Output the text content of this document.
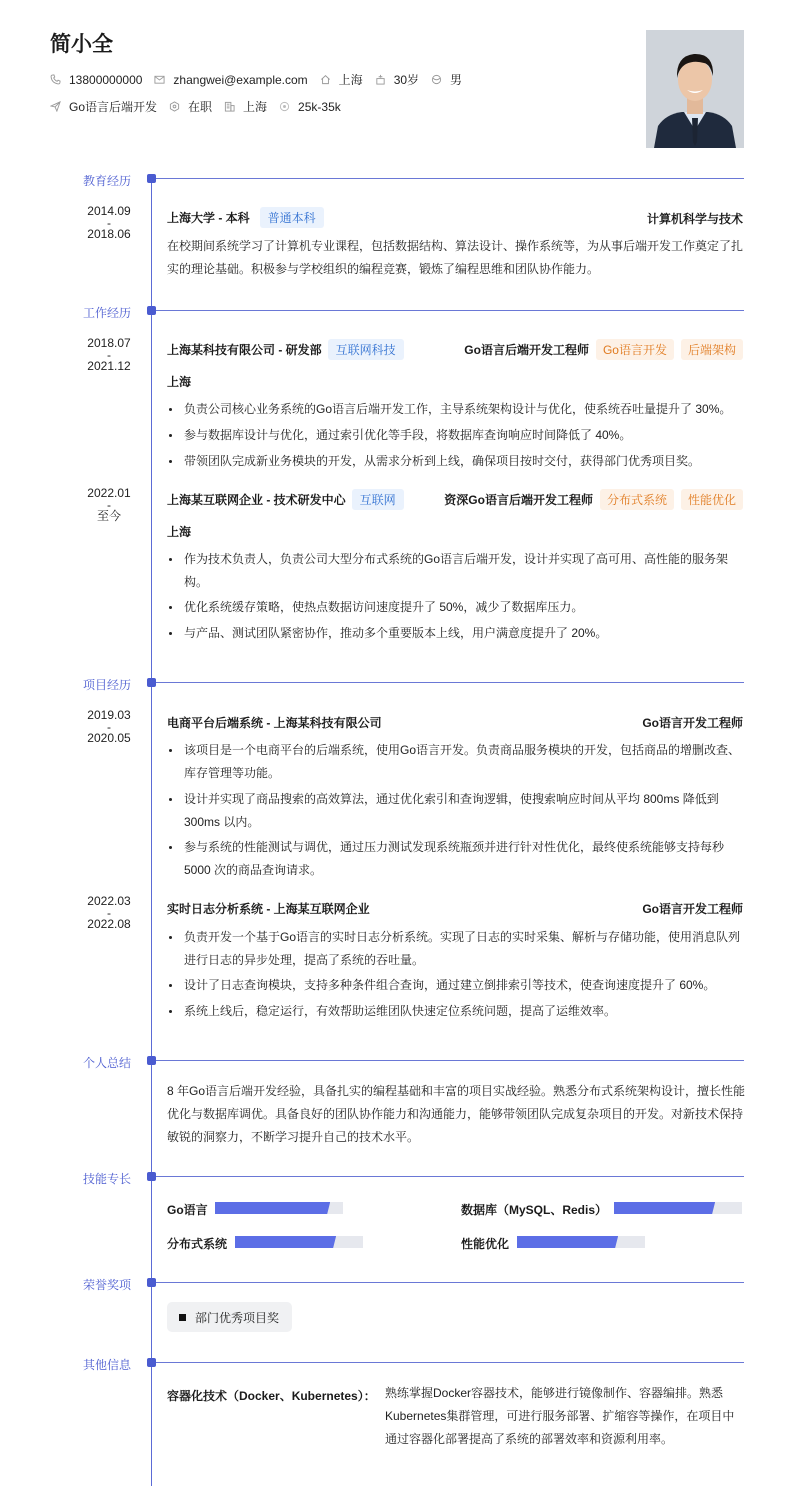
简小全
13800000000	zhangwei@example.com	上海	30岁	男
Go语言后端开发	在职	上海	25k-35k
教育经历
2014.09
-
2018.06
上海大学 - 本科 普通本科	计算机科学与技术
在校期间系统学习了计算机专业课程，包括数据结构、算法设计、操作系统等，为从事后端开发工作奠定了扎实的理论基础。积极参与学校组织的编程竞赛，锻炼了编程思维和团队协作能力。
工作经历
2018.07
-
2021.12
上海某科技有限公司 - 研发部 互联网科技	Go语言后端开发工程师	Go语言开发	后端架构
上海
负责公司核心业务系统的Go语言后端开发工作，主导系统架构设计与优化，使系统吞吐量提升了 30%。
参与数据库设计与优化，通过索引优化等手段，将数据库查询响应时间降低了 40%。
带领团队完成新业务模块的开发，从需求分析到上线，确保项目按时交付，获得部门优秀项目奖。
2022.01
-
至今
上海某互联网企业 - 技术研发中心 互联网	资深Go语言后端开发工程师	分布式系统	性能优化
上海
作为技术负责人，负责公司大型分布式系统的Go语言后端开发，设计并实现了高可用、高性能的服务架构。
优化系统缓存策略，使热点数据访问速度提升了 50%，减少了数据库压力。
与产品、测试团队紧密协作，推动多个重要版本上线，用户满意度提升了 20%。
项目经历
2019.03
-
2020.05
电商平台后端系统 - 上海某科技有限公司	Go语言开发工程师
该项目是一个电商平台的后端系统，使用Go语言开发。负责商品服务模块的开发，包括商品的增删改查、库存管理等功能。
设计并实现了商品搜索的高效算法，通过优化索引和查询逻辑，使搜索响应时间从平均 800ms 降低到 300ms 以内。
参与系统的性能测试与调优，通过压力测试发现系统瓶颈并进行针对性优化，最终使系统能够支持每秒 5000 次的商品查询请求。
2022.03
-
2022.08
实时日志分析系统 - 上海某互联网企业	Go语言开发工程师
负责开发一个基于Go语言的实时日志分析系统。实现了日志的实时采集、解析与存储功能，使用消息队列进行日志的异步处理，提高了系统的吞吐量。
设计了日志查询模块，支持多种条件组合查询，通过建立倒排索引等技术，使查询速度提升了 60%。
系统上线后，稳定运行，有效帮助运维团队快速定位系统问题，提高了运维效率。
个人总结
8 年Go语言后端开发经验，具备扎实的编程基础和丰富的项目实战经验。熟悉分布式系统架构设计，擅长性能优化与数据库调优。具备良好的团队协作能力和沟通能力，能够带领团队完成复杂项目的开发。对新技术保持敏锐的洞察力，不断学习提升自己的技术水平。
技能专长
Go语言	数据库（MySQL、Redis）
分布式系统	性能优化
荣誉奖项
部门优秀项目奖
其他信息
容器化技术（Docker、Kubernetes）： 熟练掌握Docker容器技术，能够进行镜像制作、容器编排。熟悉Kubernetes集群管理，可进行服务部署、扩缩容等操作，在项目中通过容器化部署提高了系统的部署效率和资源利用率。
